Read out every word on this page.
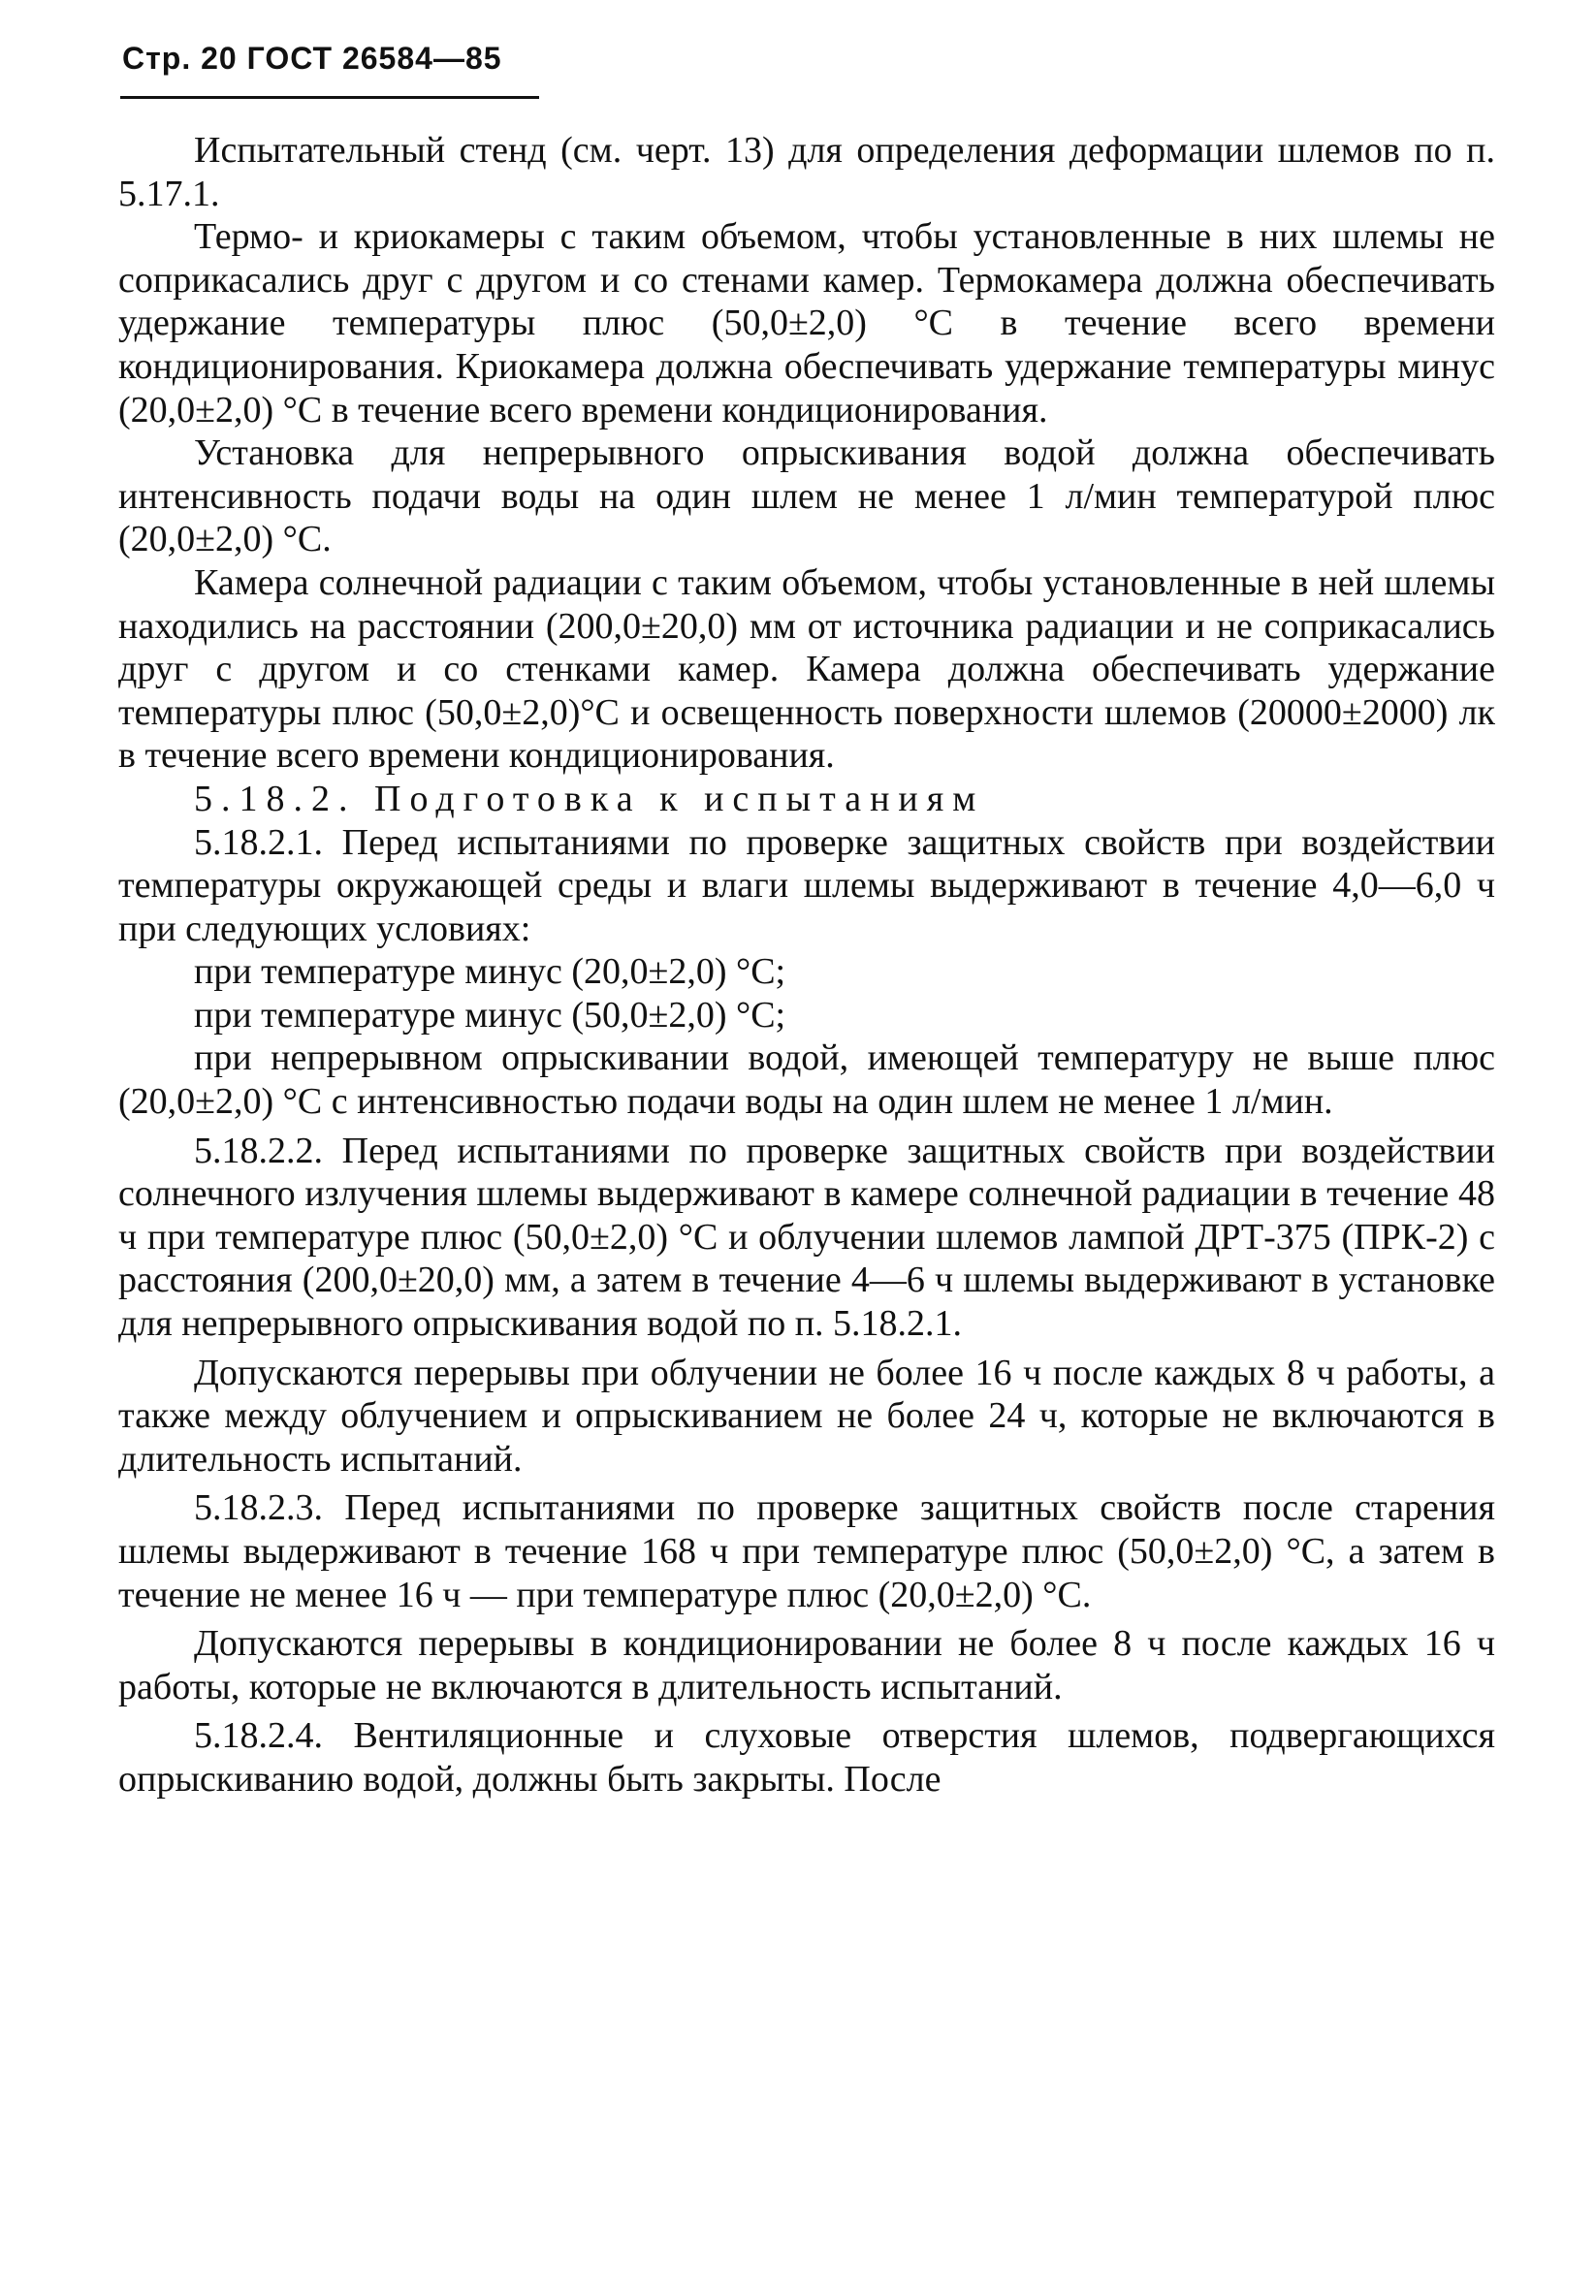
Стр. 20 ГОСТ 26584—85

Испытательный стенд (см. черт. 13) для определения деформации шлемов по п. 5.17.1.

Термо- и криокамеры с таким объемом, чтобы установленные в них шлемы не соприкасались друг с другом и со стенами камер. Термокамера должна обеспечивать удержание температуры плюс (50,0±2,0) °С в течение всего времени кондиционирования. Криокамера должна обеспечивать удержание температуры минус (20,0±2,0) °С в течение всего времени кондиционирования.

Установка для непрерывного опрыскивания водой должна обеспечивать интенсивность подачи воды на один шлем не менее 1 л/мин температурой плюс (20,0±2,0) °С.

Камера солнечной радиации с таким объемом, чтобы установленные в ней шлемы находились на расстоянии (200,0±20,0) мм от источника радиации и не соприкасались друг с другом и со стенками камер. Камера должна обеспечивать удержание температуры плюс (50,0±2,0)°С и освещенность поверхности шлемов (20000±2000) лк в течение всего времени кондиционирования.

5.18.2. Подготовка к испытаниям

5.18.2.1. Перед испытаниями по проверке защитных свойств при воздействии температуры окружающей среды и влаги шлемы выдерживают в течение 4,0—6,0 ч при следующих условиях:

при температуре минус (20,0±2,0) °С;

при температуре минус (50,0±2,0) °С;

при непрерывном опрыскивании водой, имеющей температуру не выше плюс (20,0±2,0) °С с интенсивностью подачи воды на один шлем не менее 1 л/мин.

5.18.2.2. Перед испытаниями по проверке защитных свойств при воздействии солнечного излучения шлемы выдерживают в камере солнечной радиации в течение 48 ч при температуре плюс (50,0±2,0) °С и облучении шлемов лампой ДРТ-375 (ПРК-2) с расстояния (200,0±20,0) мм, а затем в течение 4—6 ч шлемы выдерживают в установке для непрерывного опрыскивания водой по п. 5.18.2.1.

Допускаются перерывы при облучении не более 16 ч после каждых 8 ч работы, а также между облучением и опрыскиванием не более 24 ч, которые не включаются в длительность испытаний.

5.18.2.3. Перед испытаниями по проверке защитных свойств после старения шлемы выдерживают в течение 168 ч при температуре плюс (50,0±2,0) °С, а затем в течение не менее 16 ч — при температуре плюс (20,0±2,0) °С.

Допускаются перерывы в кондиционировании не более 8 ч после каждых 16 ч работы, которые не включаются в длительность испытаний.

5.18.2.4. Вентиляционные и слуховые отверстия шлемов, подвергающихся опрыскиванию водой, должны быть закрыты. После
